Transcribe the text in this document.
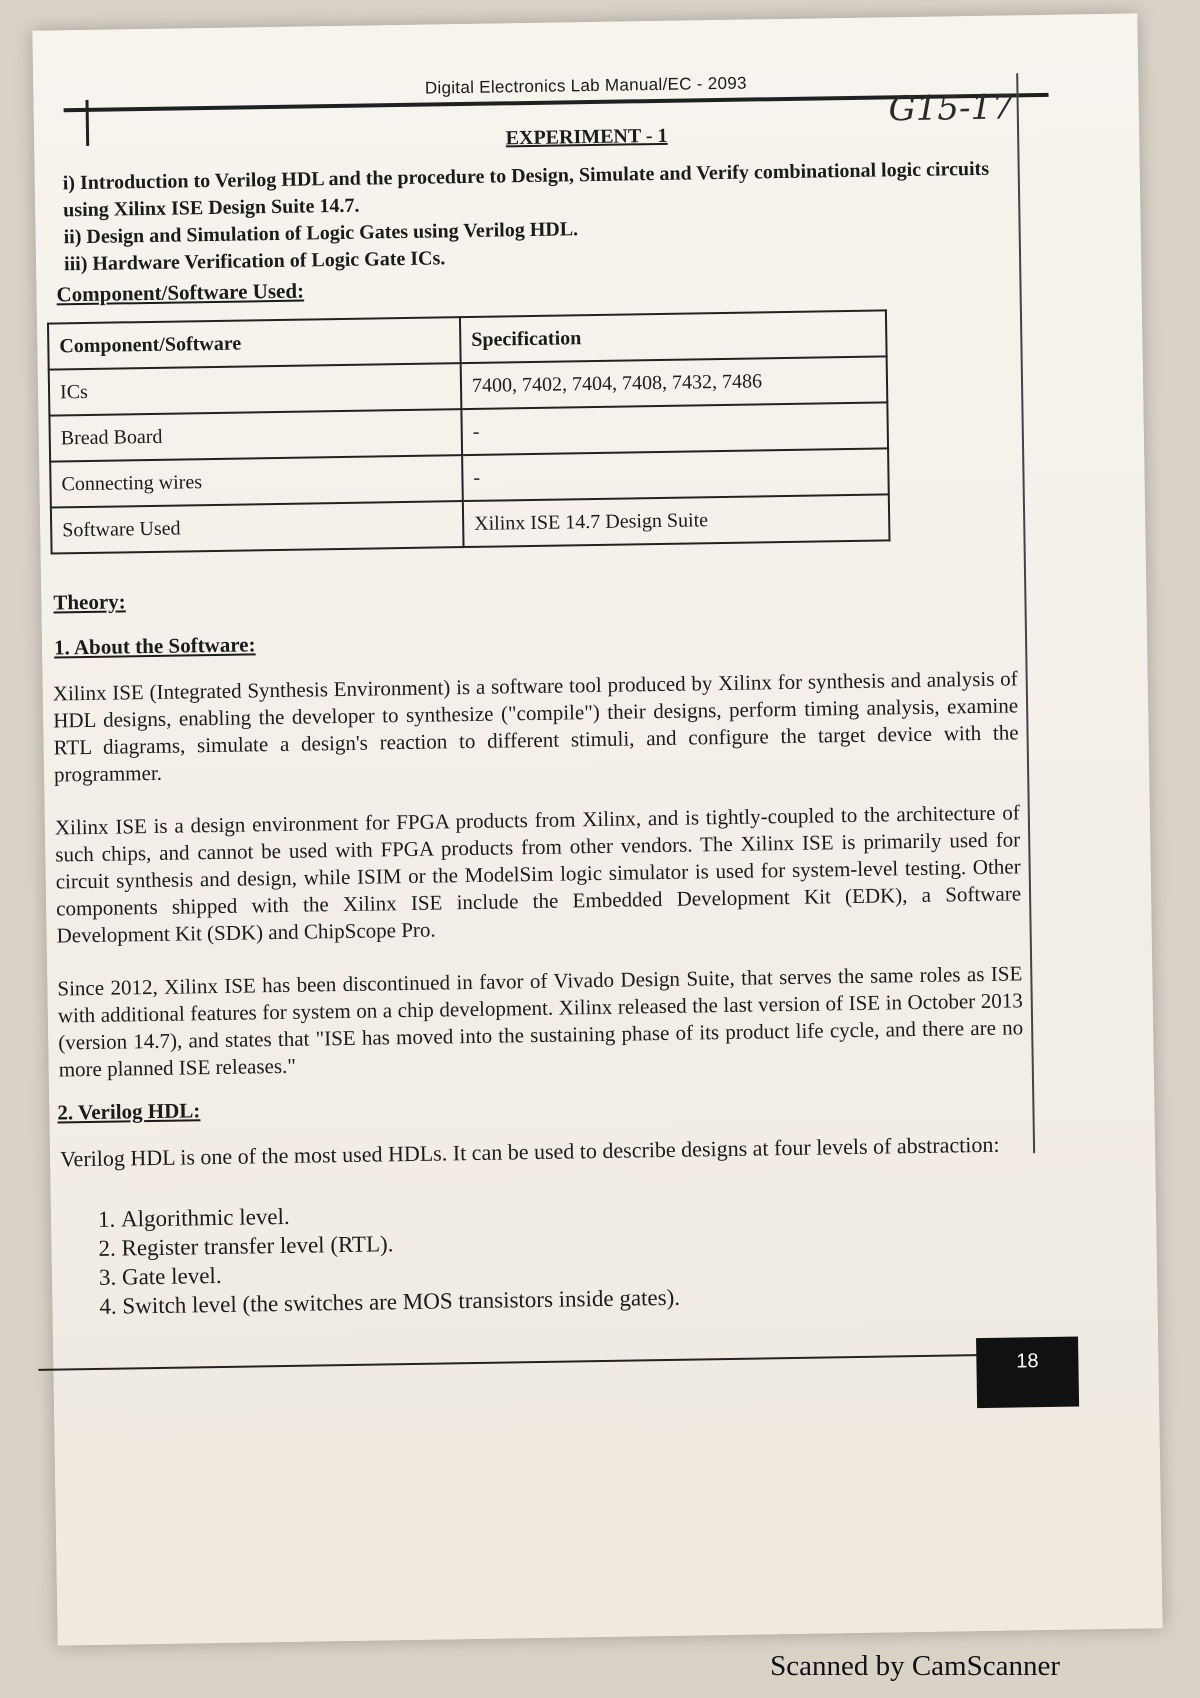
Digital Electronics Lab Manual/EC - 2093
G15-17
EXPERIMENT - 1

i) Introduction to Verilog HDL and the procedure to Design, Simulate and Verify combinational logic circuits using Xilinx ISE Design Suite 14.7.

ii) Design and Simulation of Logic Gates using Verilog HDL.

iii) Hardware Verification of Logic Gate ICs.

Component/Software Used:
Component/Software	Specification
ICs	7400, 7402, 7404, 7408, 7432, 7486
Bread Board	-
Connecting wires	-
Software Used	Xilinx ISE 14.7 Design Suite
Theory:
1. About the Software:

Xilinx ISE (Integrated Synthesis Environment) is a software tool produced by Xilinx for synthesis and analysis of HDL designs, enabling the developer to synthesize ("compile") their designs, perform timing analysis, examine RTL diagrams, simulate a design's reaction to different stimuli, and configure the target device with the programmer.

Xilinx ISE is a design environment for FPGA products from Xilinx, and is tightly-coupled to the architecture of such chips, and cannot be used with FPGA products from other vendors. The Xilinx ISE is primarily used for circuit synthesis and design, while ISIM or the ModelSim logic simulator is used for system-level testing. Other components shipped with the Xilinx ISE include the Embedded Development Kit (EDK), a Software Development Kit (SDK) and ChipScope Pro.

Since 2012, Xilinx ISE has been discontinued in favor of Vivado Design Suite, that serves the same roles as ISE with additional features for system on a chip development. Xilinx released the last version of ISE in October 2013 (version 14.7), and states that "ISE has moved into the sustaining phase of its product life cycle, and there are no more planned ISE releases."

2. Verilog HDL:
Verilog HDL is one of the most used HDLs. It can be used to describe designs at four levels of abstraction:
1. Algorithmic level.
2. Register transfer level (RTL).
3. Gate level.
4. Switch level (the switches are MOS transistors inside gates).
18
Scanned by CamScanner
